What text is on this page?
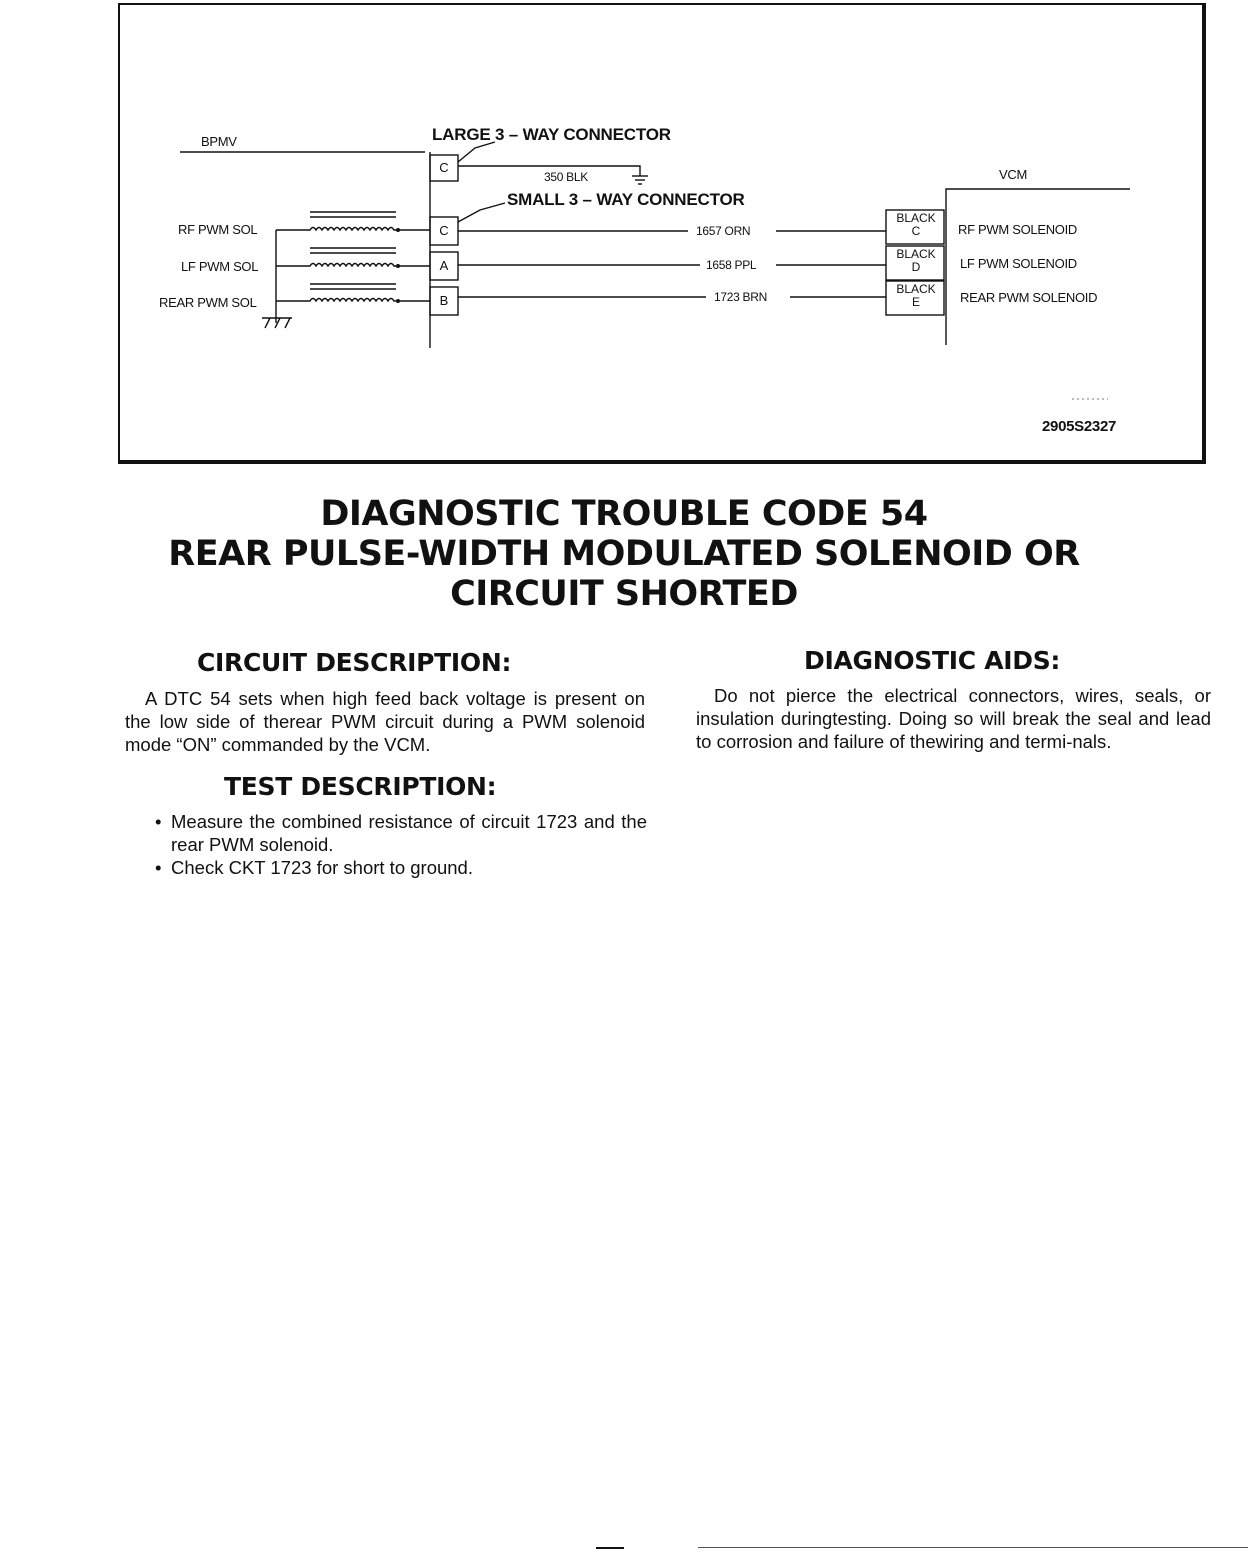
BPMV	LARGE 3 – WAY CONNECTOR
C
350 BLK
SMALL 3 – WAY CONNECTOR
VCM
RF PWM SOL
LF PWM SOL
REAR PWM SOL
C
A
B
1657 ORN
1658 PPL
1723 BRN
BLACK
C
BLACK
D
BLACK
E
RF PWM SOLENOID
LF PWM SOLENOID
REAR PWM SOLENOID
2905S2327
DIAGNOSTIC TROUBLE CODE 54
REAR PULSE-WIDTH MODULATED SOLENOID OR
CIRCUIT SHORTED
CIRCUIT DESCRIPTION:
A DTC 54 sets when high feed back voltage is present on the low side of therear PWM circuit during a PWM solenoid mode “ON” commanded by the VCM.
TEST DESCRIPTION:
• Measure the combined resistance of circuit 1723 and the rear PWM solenoid.
• Check CKT 1723 for short to ground.
DIAGNOSTIC AIDS:
Do not pierce the electrical connectors, wires, seals, or insulation duringtesting. Doing so will break the seal and lead to corrosion and failure of thewiring and termi-nals.
